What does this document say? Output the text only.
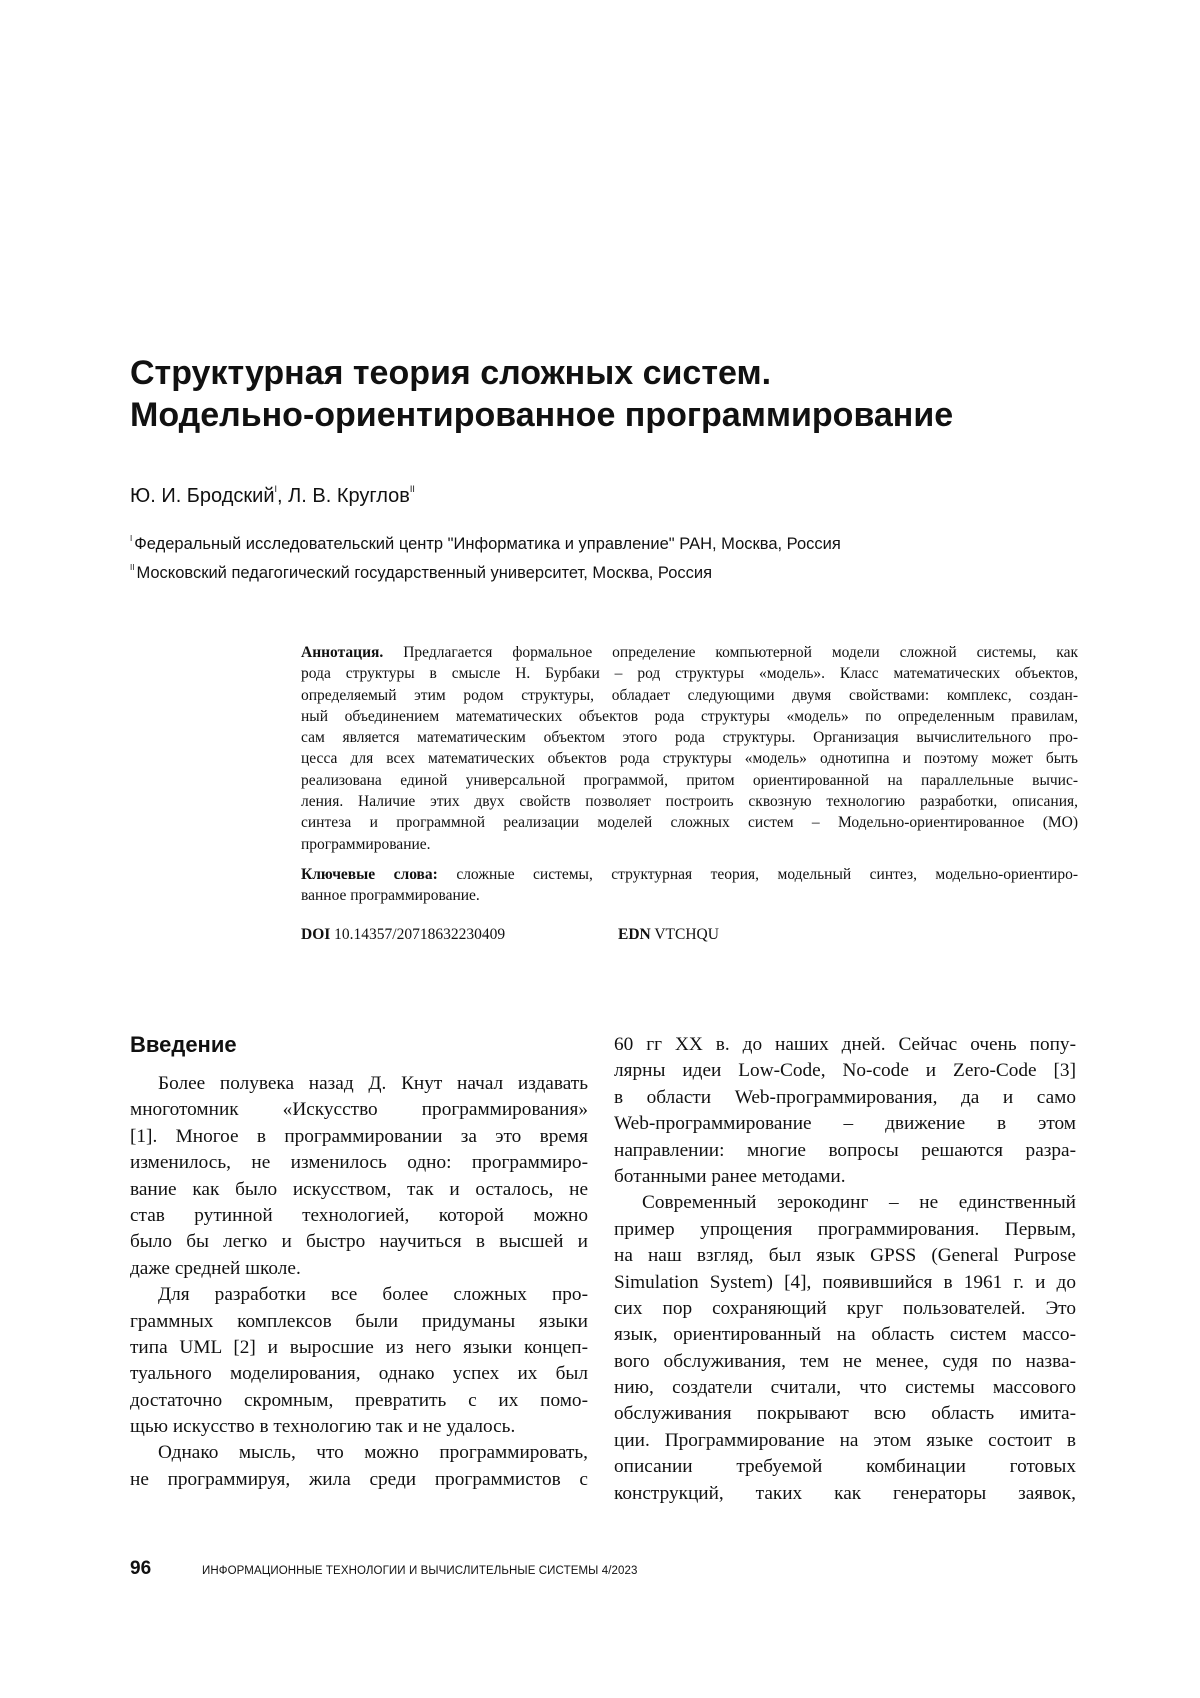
Структурная теория сложных систем.
Модельно-ориентированное программирование
Ю. И. Бродский$^I$, Л. В. Круглов$^{II}$
$^I$ Федеральный исследовательский центр "Информатика и управление" РАН, Москва, Россия
$^{II}$ Московский педагогический государственный университет, Москва, Россия
Аннотация. Предлагается формальное определение компьютерной модели сложной системы, как
рода структуры в смысле Н. Бурбаки – род структуры «модель». Класс математических объектов,
определяемый этим родом структуры, обладает следующими двумя свойствами: комплекс, создан-
ный объединением математических объектов рода структуры «модель» по определенным правилам,
сам является математическим объектом этого рода структуры. Организация вычислительного про-
цесса для всех математических объектов рода структуры «модель» однотипна и поэтому может быть
реализована единой универсальной программой, притом ориентированной на параллельные вычис-
ления. Наличие этих двух свойств позволяет построить сквозную технологию разработки, описания,
синтеза и программной реализации моделей сложных систем – Модельно-ориентированное (МО)
программирование.
Ключевые слова: сложные системы, структурная теория, модельный синтез, модельно-ориентиро-
ванное программирование.
DOI 10.14357/20718632230409	EDN VTCHQU
Введение
Более полувека назад Д. Кнут начал издавать
многотомник «Искусство программирования»
[1]. Многое в программировании за это время
изменилось, не изменилось одно: программиро-
вание как было искусством, так и осталось, не
став рутинной технологией, которой можно
было бы легко и быстро научиться в высшей и
даже средней школе.
Для разработки все более сложных про-
граммных комплексов были придуманы языки
типа UML [2] и выросшие из него языки концеп-
туального моделирования, однако успех их был
достаточно скромным, превратить с их помо-
щью искусство в технологию так и не удалось.
Однако мысль, что можно программировать,
не программируя, жила среди программистов с
60 гг XX в. до наших дней. Сейчас очень попу-
лярны идеи Low-Code, No-code и Zero-Code [3]
в области Web-программирования, да и само
Web-программирование – движение в этом
направлении: многие вопросы решаются разра-
ботанными ранее методами.
Современный зерокодинг – не единственный
пример упрощения программирования. Первым,
на наш взгляд, был язык GPSS (General Purpose
Simulation System) [4], появившийся в 1961 г. и до
сих пор сохраняющий круг пользователей. Это
язык, ориентированный на область систем массо-
вого обслуживания, тем не менее, судя по назва-
нию, создатели считали, что системы массового
обслуживания покрывают всю область имита-
ции. Программирование на этом языке состоит в
описании требуемой комбинации готовых
конструкций, таких как генераторы заявок,
96	ИНФОРМАЦИОННЫЕ ТЕХНОЛОГИИ И ВЫЧИСЛИТЕЛЬНЫЕ СИСТЕМЫ 4/2023
